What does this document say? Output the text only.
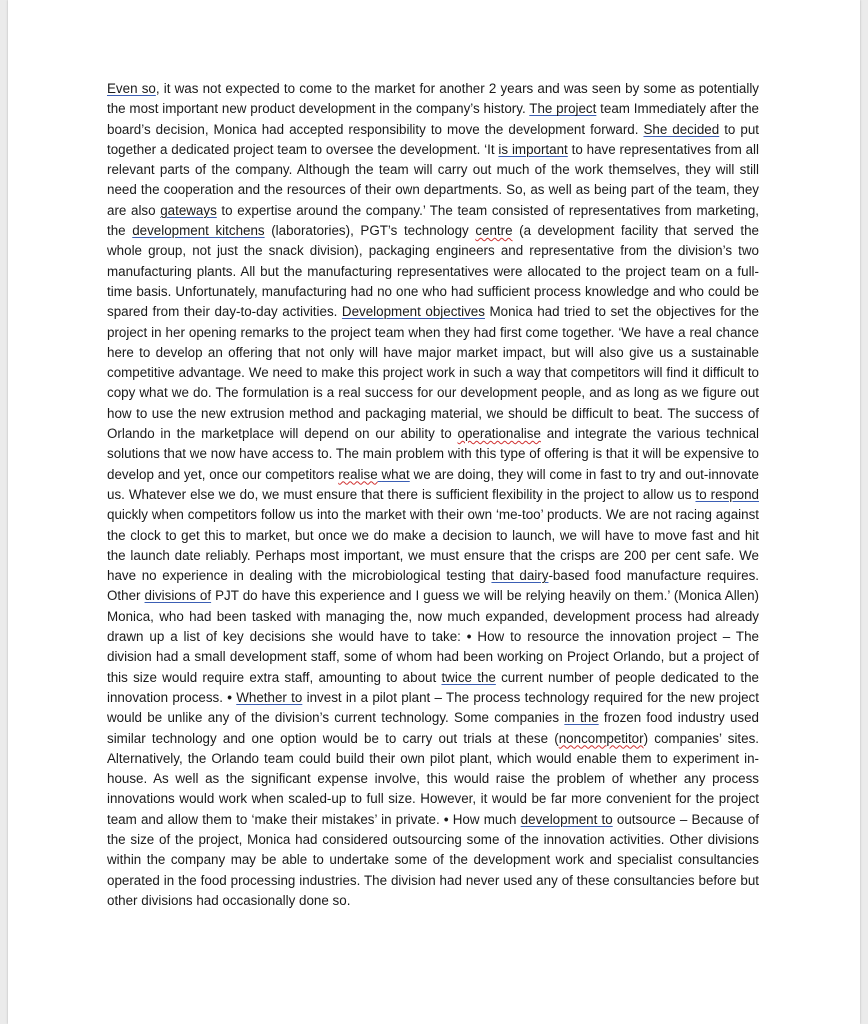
Even so, it was not expected to come to the market for another 2 years and was seen by some as potentially the most important new product development in the company’s history. The project team Immediately after the board’s decision, Monica had accepted responsibility to move the development forward. She decided to put together a dedicated project team to oversee the development. ‘It is important to have representatives from all relevant parts of the company. Although the team will carry out much of the work themselves, they will still need the cooperation and the resources of their own departments. So, as well as being part of the team, they are also gateways to expertise around the company.’ The team consisted of representatives from marketing, the development kitchens (laboratories), PGT’s technology centre (a development facility that served the whole group, not just the snack division), packaging engineers and representative from the division’s two manufacturing plants. All but the manufacturing representatives were allocated to the project team on a full-time basis. Unfortunately, manufacturing had no one who had sufficient process knowledge and who could be spared from their day-to-day activities. Development objectives Monica had tried to set the objectives for the project in her opening remarks to the project team when they had first come together. ‘We have a real chance here to develop an offering that not only will have major market impact, but will also give us a sustainable competitive advantage. We need to make this project work in such a way that competitors will find it difficult to copy what we do. The formulation is a real success for our development people, and as long as we figure out how to use the new extrusion method and packaging material, we should be difficult to beat. The success of Orlando in the marketplace will depend on our ability to operationalise and integrate the various technical solutions that we now have access to. The main problem with this type of offering is that it will be expensive to develop and yet, once our competitors realise what we are doing, they will come in fast to try and out-innovate us. Whatever else we do, we must ensure that there is sufficient flexibility in the project to allow us to respond quickly when competitors follow us into the market with their own ‘me-too’ products. We are not racing against the clock to get this to market, but once we do make a decision to launch, we will have to move fast and hit the launch date reliably. Perhaps most important, we must ensure that the crisps are 200 per cent safe. We have no experience in dealing with the microbiological testing that dairy-based food manufacture requires. Other divisions of PJT do have this experience and I guess we will be relying heavily on them.’ (Monica Allen) Monica, who had been tasked with managing the, now much expanded, development process had already drawn up a list of key decisions she would have to take: • How to resource the innovation project – The division had a small development staff, some of whom had been working on Project Orlando, but a project of this size would require extra staff, amounting to about twice the current number of people dedicated to the innovation process. • Whether to invest in a pilot plant – The process technology required for the new project would be unlike any of the division’s current technology. Some companies in the frozen food industry used similar technology and one option would be to carry out trials at these (noncompetitor) companies’ sites. Alternatively, the Orlando team could build their own pilot plant, which would enable them to experiment in-house. As well as the significant expense involve, this would raise the problem of whether any process innovations would work when scaled-up to full size. However, it would be far more convenient for the project team and allow them to ‘make their mistakes’ in private. • How much development to outsource – Because of the size of the project, Monica had considered outsourcing some of the innovation activities. Other divisions within the company may be able to undertake some of the development work and specialist consultancies operated in the food processing industries. The division had never used any of these consultancies before but other divisions had occasionally done so.
